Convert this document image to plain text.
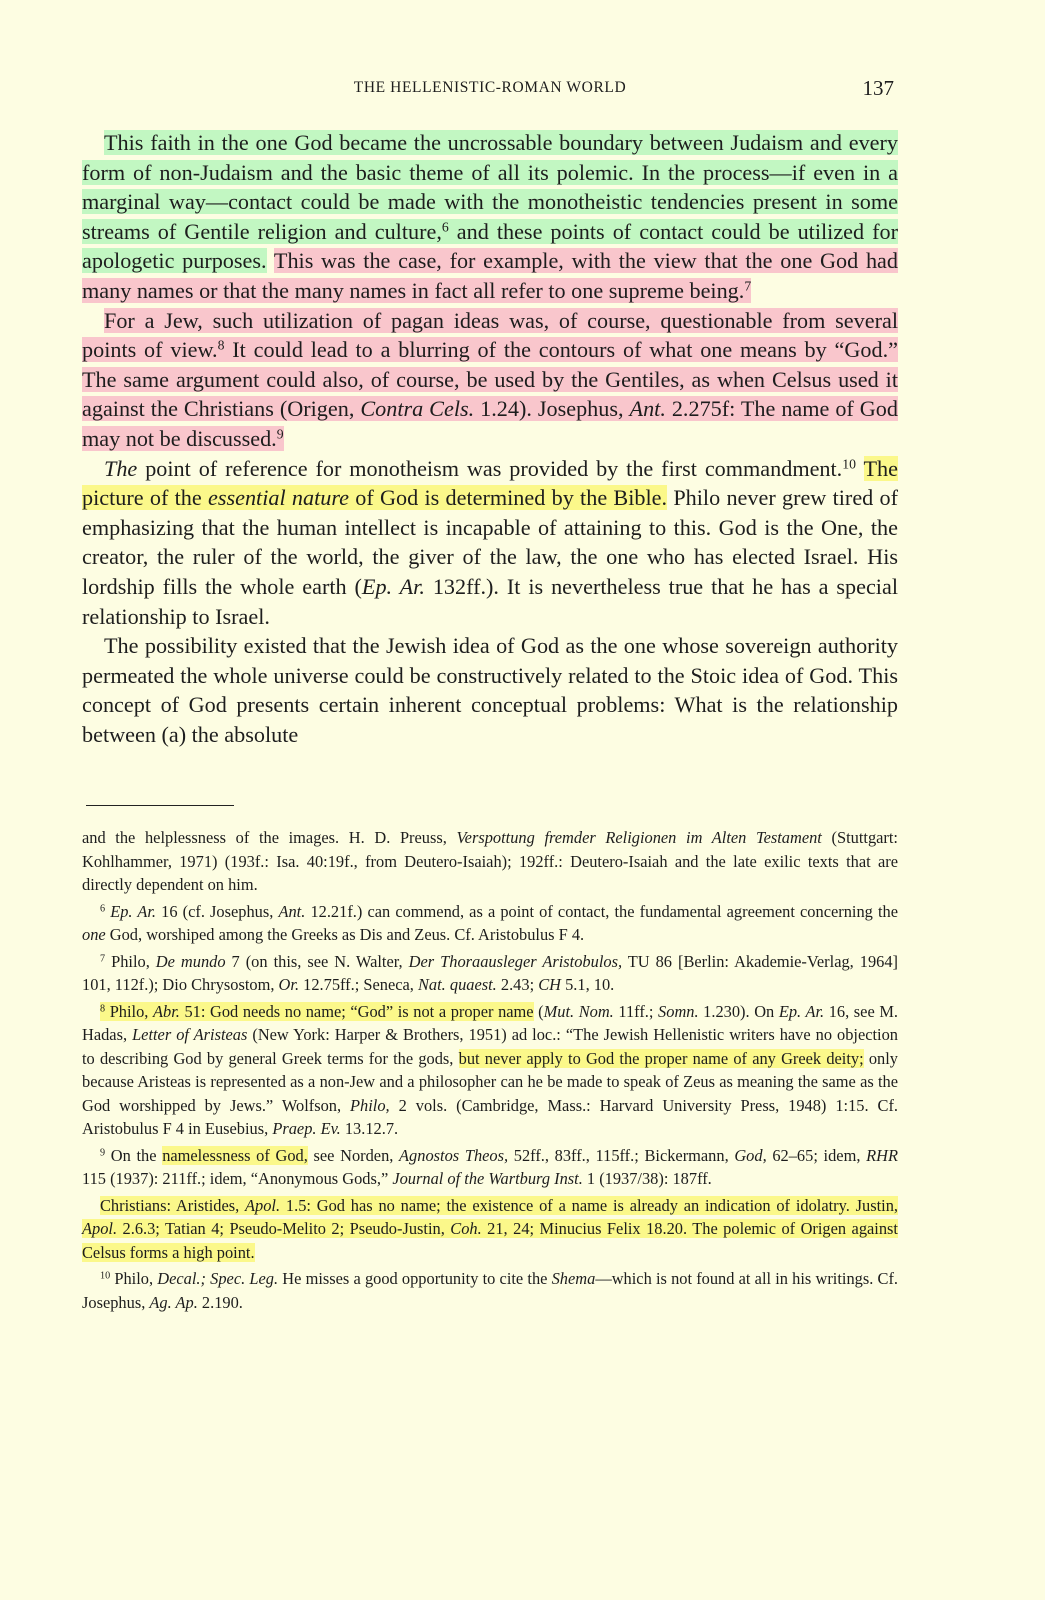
THE HELLENISTIC-ROMAN WORLD	137

This faith in the one God became the uncrossable boundary between Judaism and every form of non-Judaism and the basic theme of all its polemic. In the process—if even in a marginal way—contact could be made with the monotheistic tendencies present in some streams of Gentile religion and culture,$^6$ and these points of contact could be utilized for apologetic purposes. This was the case, for example, with the view that the one God had many names or that the many names in fact all refer to one supreme being.$^7$

For a Jew, such utilization of pagan ideas was, of course, questionable from several points of view.$^8$ It could lead to a blurring of the contours of what one means by “God.” The same argument could also, of course, be used by the Gentiles, as when Celsus used it against the Christians (Origen, Contra Cels. 1.24). Josephus, Ant. 2.275f: The name of God may not be discussed.$^9$

The point of reference for monotheism was provided by the first commandment.$^{10}$ The picture of the essential nature of God is determined by the Bible. Philo never grew tired of emphasizing that the human intellect is incapable of attaining to this. God is the One, the creator, the ruler of the world, the giver of the law, the one who has elected Israel. His lordship fills the whole earth (Ep. Ar. 132ff.). It is nevertheless true that he has a special relationship to Israel.

The possibility existed that the Jewish idea of God as the one whose sovereign authority permeated the whole universe could be constructively related to the Stoic idea of God. This concept of God presents certain inherent conceptual problems: What is the relationship between (a) the absolute

and the helplessness of the images. H. D. Preuss, Verspottung fremder Religionen im Alten Testament (Stuttgart: Kohlhammer, 1971) (193f.: Isa. 40:19f., from Deutero-Isaiah); 192ff.: Deutero-Isaiah and the late exilic texts that are directly dependent on him.

$^6$ Ep. Ar. 16 (cf. Josephus, Ant. 12.21f.) can commend, as a point of contact, the fundamental agreement concerning the one God, worshiped among the Greeks as Dis and Zeus. Cf. Aristobulus F 4.

$^7$ Philo, De mundo 7 (on this, see N. Walter, Der Thoraausleger Aristobulos, TU 86 [Berlin: Akademie-Verlag, 1964] 101, 112f.); Dio Chrysostom, Or. 12.75ff.; Seneca, Nat. quaest. 2.43; CH 5.1, 10.

$^8$ Philo, Abr. 51: God needs no name; “God” is not a proper name (Mut. Nom. 11ff.; Somn. 1.230). On Ep. Ar. 16, see M. Hadas, Letter of Aristeas (New York: Harper & Brothers, 1951) ad loc.: “The Jewish Hellenistic writers have no objection to describing God by general Greek terms for the gods, but never apply to God the proper name of any Greek deity; only because Aristeas is represented as a non-Jew and a philosopher can he be made to speak of Zeus as meaning the same as the God worshipped by Jews.” Wolfson, Philo, 2 vols. (Cambridge, Mass.: Harvard University Press, 1948) 1:15. Cf. Aristobulus F 4 in Eusebius, Praep. Ev. 13.12.7.

$^9$ On the namelessness of God, see Norden, Agnostos Theos, 52ff., 83ff., 115ff.; Bickermann, God, 62–65; idem, RHR 115 (1937): 211ff.; idem, “Anonymous Gods,” Journal of the Wartburg Inst. 1 (1937/38): 187ff.

Christians: Aristides, Apol. 1.5: God has no name; the existence of a name is already an indication of idolatry. Justin, Apol. 2.6.3; Tatian 4; Pseudo-Melito 2; Pseudo-Justin, Coh. 21, 24; Minucius Felix 18.20. The polemic of Origen against Celsus forms a high point.

$^{10}$ Philo, Decal.; Spec. Leg. He misses a good opportunity to cite the Shema—which is not found at all in his writings. Cf. Josephus, Ag. Ap. 2.190.
